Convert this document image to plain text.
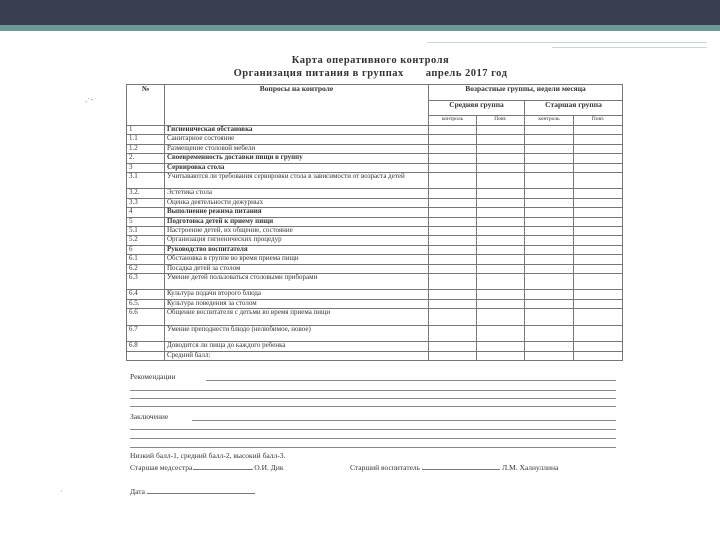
' ;
·
Карта оперативного контроля
Организация питания в группах апрель 2017 год
№	Вопросы на контроле	Возрастные группы, недели месяца			
		Средняя группа		Старшая группа	
		контроль	Повт.	контроль	Повт.
1	Гигиеническая обстановка				
1.1	Санитарное состояние				
1.2	Размещение столовой мебели				
2.	Своевременность доставки пищи в группу				
3	Сервировка стола				
3.1	Учитываются ли требования сервировки стола в зависимости от возраста детей				
3.2.	Эстетика стола				
3.3	Оценка деятельности дежурных				
4	Выполнение режима питания				
5	Подготовка детей к приему пищи				
5.1	Настроение детей, их общение, состояние				
5.2	Организация гигиенических процедур				
6	Руководство воспитателя				
6.1	Обстановка в группе во время приема пищи				
6.2	Посадка детей за столом				
6.3	Умение детей пользоваться столовыми приборами				
6.4	Культура подачи второго блюда				
6.5.	Культура поведения за столом				
6.6	Общение воспитателя с детьми во время приема пищи				
6.7	Умение преподнести блюдо (нелюбимое, новое)				
6.8	Доводится ли пища до каждого ребенка				
	Средний балл:				
Рекомендации
Заключение
Низкий балл-1, средний балл-2, высокий балл-3.
Старшая медсестра	О.И. Дик	Старший воспитатель	Л.М. Халнуллина
Дата
